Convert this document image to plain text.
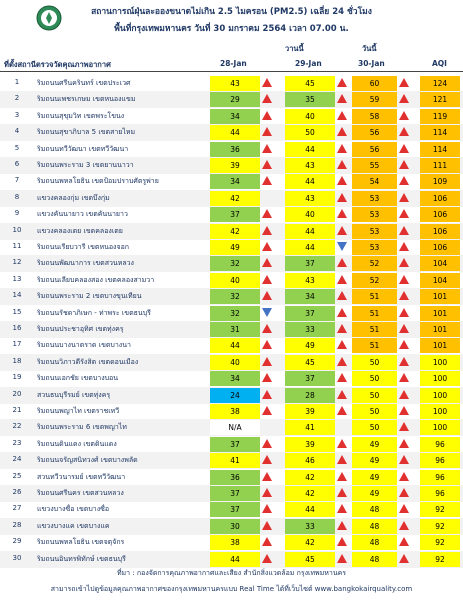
สถานการณ์ฝุ่นละอองขนาดไม่เกิน 2.5 ไมครอน (PM2.5) เฉลี่ย 24 ชั่วโมง
พื้นที่กรุงเทพมหานคร วันที่ 30 มกราคม 2564 เวลา 07.00 น.
วานนี้	วันนี้
ที่ตั้งสถานีตรวจวัดคุณภาพอากาศ	28-Jan	29-Jan	30-Jan	AQI
1	ริมถนนศรีนครินทร์ เขตประเวศ	43	45	60	124
2	ริมถนนเพชรเกษม เขตหนองแขม	29	35	59	121
3	ริมถนนสุขุมวิท เขตพระโขนง	34	40	58	119
4	ริมถนนสุขาภิบาล 5 เขตสายไหม	44	50	56	114
5	ริมถนนทวีวัฒนา เขตทวีวัฒนา	36	44	56	114
6	ริมถนนพระราม 3 เขตยานนาวา	39	43	55	111
7	ริมถนนพหลโยธิน เขตป้อมปราบศัตรูพ่าย	34	44	54	109
8	แขวงคลองกุ่ม เขตบึงกุ่ม	42	43	53	106
9	แขวงคันนายาว เขตคันนายาว	37	40	53	106
10	แขวงคลองเตย เขตคลองเตย	42	44	53	106
11	ริมถนนเรียบวารี เขตหนองจอก	49	44	53	106
12	ริมถนนพัฒนาการ เขตสวนหลวง	32	37	52	104
13	ริมถนนเลียบคลองสอง เขตคลองสามวา	40	43	52	104
14	ริมถนนพระราม 2 เขตบางขุนเทียน	32	34	51	101
15	ริมถนนรัชดาภิเษก - ท่าพระ เขตธนบุรี	32	37	51	101
16	ริมถนนประชาอุทิศ เขตทุ่งครุ	31	33	51	101
17	ริมถนนบางนาตราด เขตบางนา	44	49	51	101
18	ริมถนนวิภาวดีรังสิต เขตดอนเมือง	40	45	50	100
19	ริมถนนเอกชัย เขตบางบอน	34	37	50	100
20	สวนธนบุรีรมย์ เขตทุ่งครุ	24	28	50	100
21	ริมถนนพญาไท เขตราชเทวี	38	39	50	100
22	ริมถนนพระราม 6 เขตพญาไท	N/A	41	50	100
23	ริมถนนดินแดง เขตดินแดง	37	39	49	96
24	ริมถนนจรัญสนิทวงศ์ เขตบางพลัด	41	46	49	96
25	สวนทวีวนารมย์ เขตทวีวัฒนา	36	42	49	96
26	ริมถนนศรีนคร เขตสวนหลวง	37	42	49	96
27	แขวงบางซื่อ เขตบางซื่อ	37	44	48	92
28	แขวงบางแค เขตบางแค	30	33	48	92
29	ริมถนนพหลโยธิน เขตจตุจักร	38	42	48	92
30	ริมถนนอินทรพิทักษ์ เขตธนบุรี	44	45	48	92
ที่มา : กองจัดการคุณภาพอากาศและเสียง สำนักสิ่งแวดล้อม กรุงเทพมหานคร
สามารถเข้าไปดูข้อมูลคุณภาพอากาศของกรุงเทพมหานครแบบ Real Time ได้ที่เว็บไซต์ www.bangkokairquality.com
